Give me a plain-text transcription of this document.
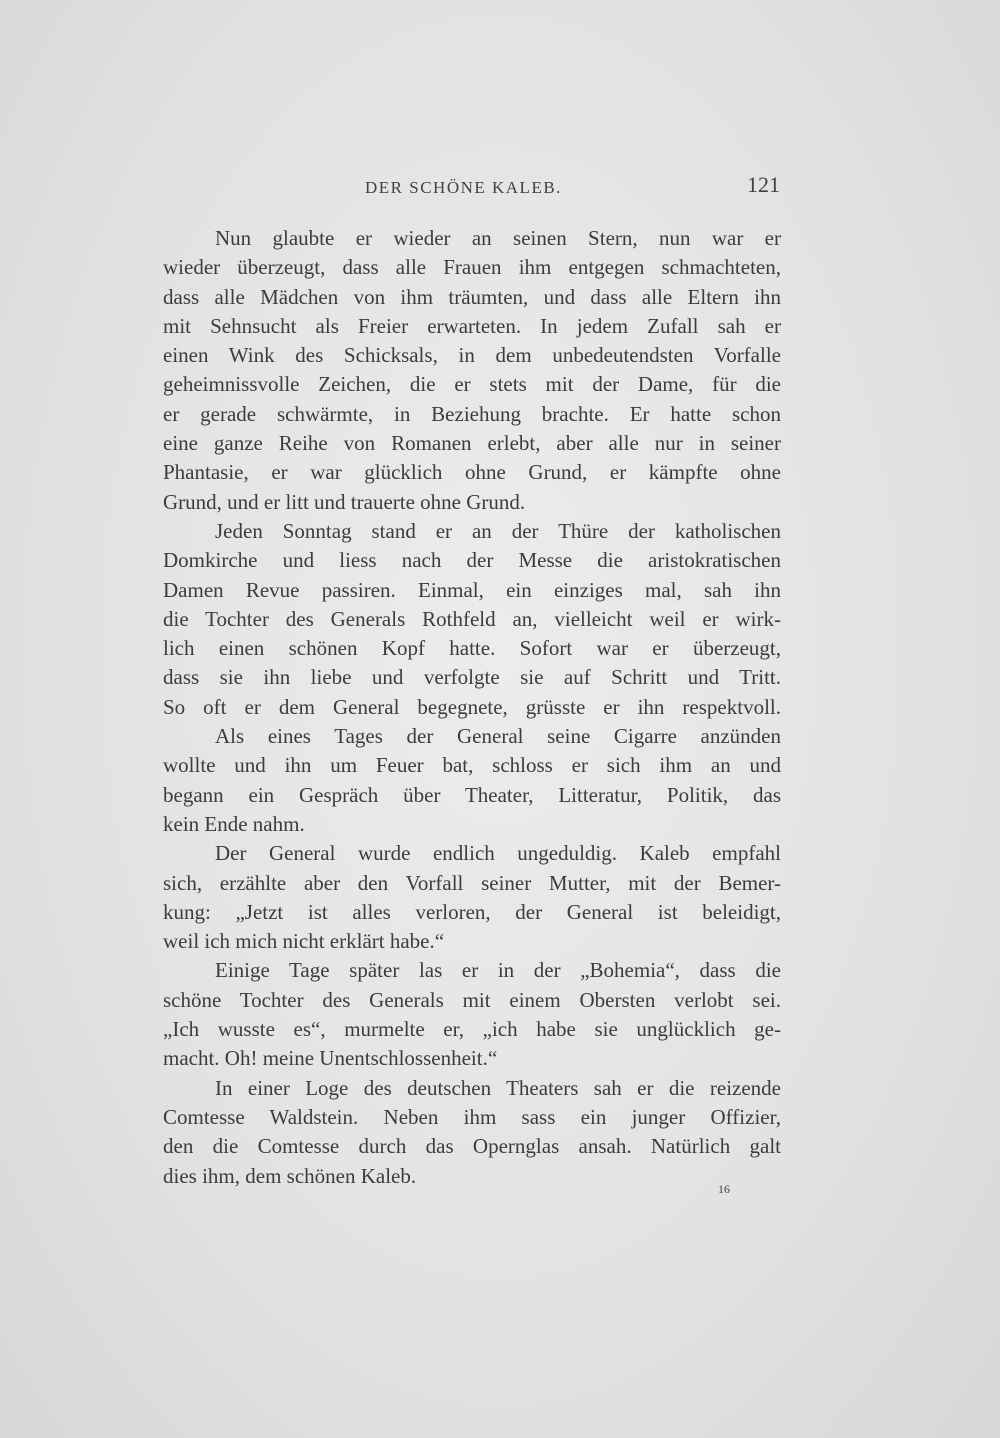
DER SCHÖNE KALEB.	121
Nun glaubte er wieder an seinen Stern, nun war er
wieder überzeugt, dass alle Frauen ihm entgegen schmachteten,
dass alle Mädchen von ihm träumten, und dass alle Eltern ihn
mit Sehnsucht als Freier erwarteten. In jedem Zufall sah er
einen Wink des Schicksals, in dem unbedeutendsten Vorfalle
geheimnissvolle Zeichen, die er stets mit der Dame, für die
er gerade schwärmte, in Beziehung brachte. Er hatte schon
eine ganze Reihe von Romanen erlebt, aber alle nur in seiner
Phantasie, er war glücklich ohne Grund, er kämpfte ohne
Grund, und er litt und trauerte ohne Grund.
Jeden Sonntag stand er an der Thüre der katholischen
Domkirche und liess nach der Messe die aristokratischen
Damen Revue passiren. Einmal, ein einziges mal, sah ihn
die Tochter des Generals Rothfeld an, vielleicht weil er wirk-
lich einen schönen Kopf hatte. Sofort war er überzeugt,
dass sie ihn liebe und verfolgte sie auf Schritt und Tritt.
So oft er dem General begegnete, grüsste er ihn respektvoll.
Als eines Tages der General seine Cigarre anzünden
wollte und ihn um Feuer bat, schloss er sich ihm an und
begann ein Gespräch über Theater, Litteratur, Politik, das
kein Ende nahm.
Der General wurde endlich ungeduldig. Kaleb empfahl
sich, erzählte aber den Vorfall seiner Mutter, mit der Bemer-
kung: „Jetzt ist alles verloren, der General ist beleidigt,
weil ich mich nicht erklärt habe.“
Einige Tage später las er in der „Bohemia“, dass die
schöne Tochter des Generals mit einem Obersten verlobt sei.
„Ich wusste es“, murmelte er, „ich habe sie unglücklich ge-
macht. Oh! meine Unentschlossenheit.“
In einer Loge des deutschen Theaters sah er die reizende
Comtesse Waldstein. Neben ihm sass ein junger Offizier,
den die Comtesse durch das Opernglas ansah. Natürlich galt
dies ihm, dem schönen Kaleb.
16
